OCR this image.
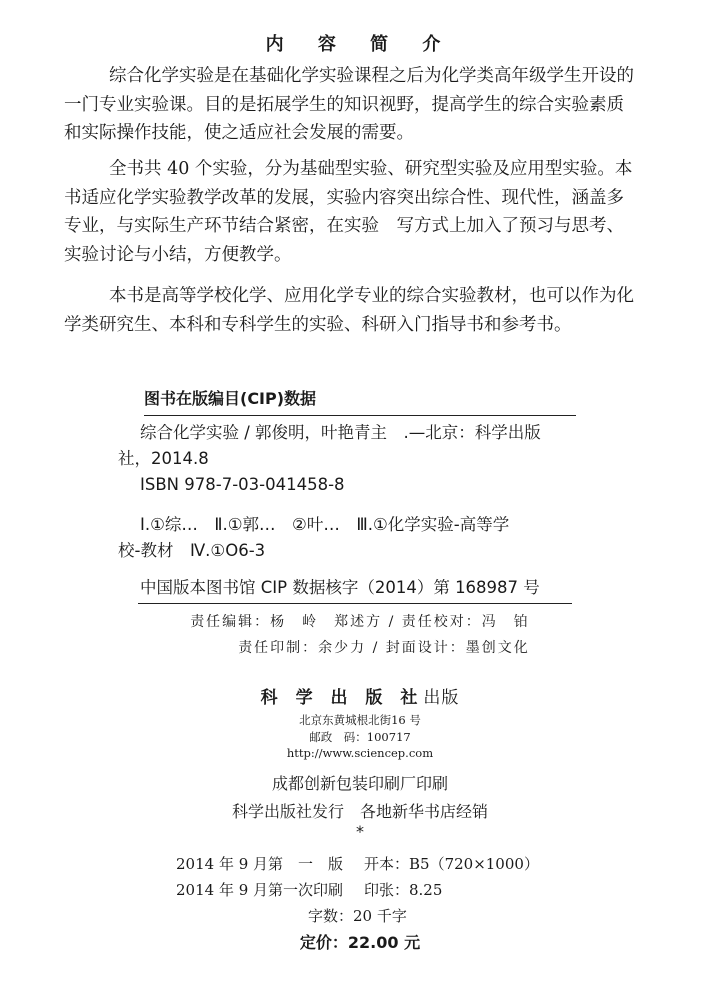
内 容 简 介
综合化学实验是在基础化学实验课程之后为化学类高年级学生开设的
一门专业实验课。目的是拓展学生的知识视野，提高学生的综合实验素质
和实际操作技能，使之适应社会发展的需要。
全书共 40 个实验，分为基础型实验、研究型实验及应用型实验。本
书适应化学实验教学改革的发展，实验内容突出综合性、现代性，涵盖多
专业，与实际生产环节结合紧密，在实验　写方式上加入了预习与思考、
实验讨论与小结，方便教学。
本书是高等学校化学、应用化学专业的综合实验教材，也可以作为化
学类研究生、本科和专科学生的实验、科研入门指导书和参考书。
图书在版编目(CIP)数据
综合化学实验 / 郭俊明，叶艳青主　.—北京：科学出版
社，2014.8
ISBN 978-7-03-041458-8
Ⅰ.①综…　Ⅱ.①郭…　②叶…　Ⅲ.①化学实验-高等学
校-教材　Ⅳ.①O6-3
中国版本图书馆 CIP 数据核字（2014）第 168987 号
责任编辑：杨　岭　郑述方 / 责任校对：冯　铂
责任印制：余少力 / 封面设计：墨创文化
科 学 出 版 社出版
北京东黄城根北街16 号
邮政　码：100717
http://www.sciencep.com
成都创新包装印刷厂印刷
科学出版社发行　各地新华书店经销
*
2014 年 9 月第　一　版 开本：B5（720×1000）
2014 年 9 月第一次印刷 印张：8.25
字数：20 千字
定价：22.00 元
